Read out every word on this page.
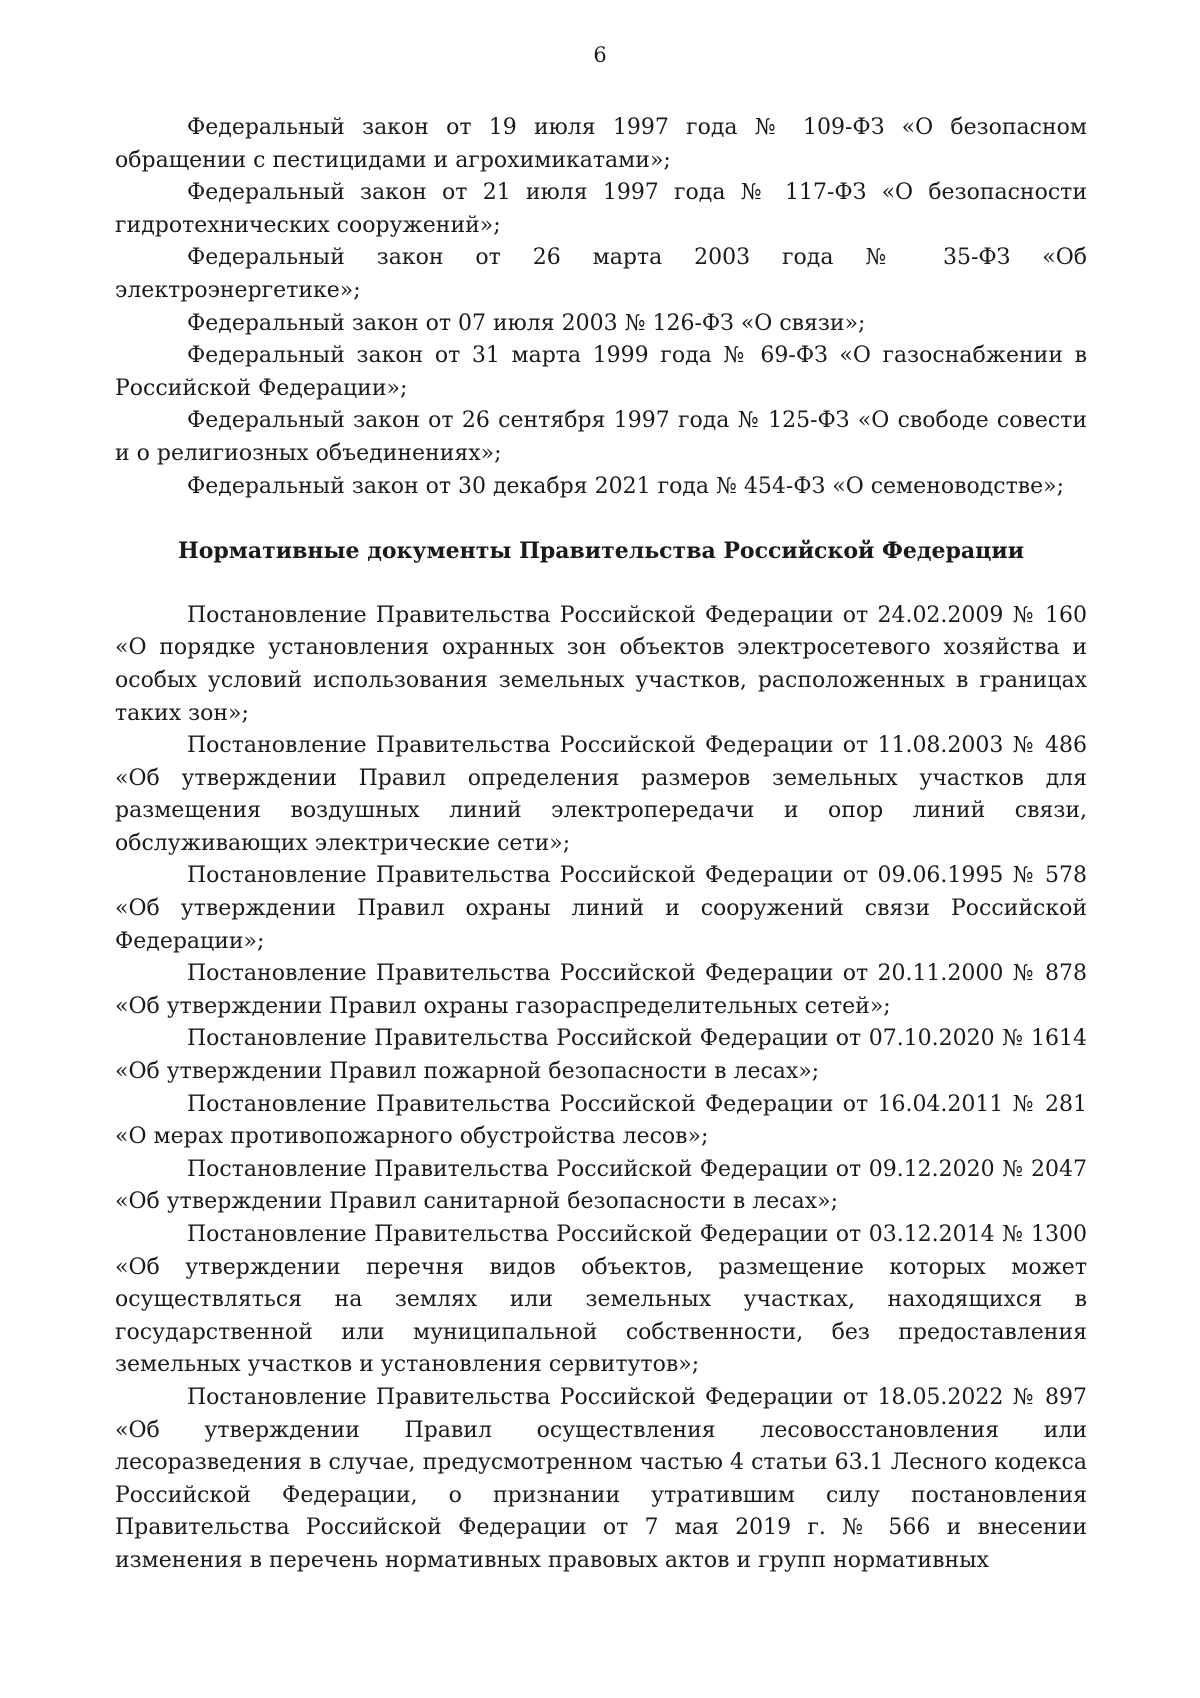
6

Федеральный закон от 19 июля 1997 года № 109-ФЗ «О безопасном обращении с пестицидами и агрохимикатами»;

Федеральный закон от 21 июля 1997 года № 117-ФЗ «О безопасности гидротехнических сооружений»;

Федеральный закон от 26 марта 2003 года № 35-ФЗ «Об электроэнергетике»;

Федеральный закон от 07 июля 2003 № 126-ФЗ «О связи»;

Федеральный закон от 31 марта 1999 года № 69-ФЗ «О газоснабжении в Российской Федерации»;

Федеральный закон от 26 сентября 1997 года № 125-ФЗ «О свободе совести и о религиозных объединениях»;

Федеральный закон от 30 декабря 2021 года № 454-ФЗ «О семеноводстве»;

Нормативные документы Правительства Российской Федерации

Постановление Правительства Российской Федерации от 24.02.2009 № 160 «О порядке установления охранных зон объектов электросетевого хозяйства и особых условий использования земельных участков, расположенных в границах таких зон»;

Постановление Правительства Российской Федерации от 11.08.2003 № 486 «Об утверждении Правил определения размеров земельных участков для размещения воздушных линий электропередачи и опор линий связи, обслуживающих электрические сети»;

Постановление Правительства Российской Федерации от 09.06.1995 № 578 «Об утверждении Правил охраны линий и сооружений связи Российской Федерации»;

Постановление Правительства Российской Федерации от 20.11.2000 № 878 «Об утверждении Правил охраны газораспределительных сетей»;

Постановление Правительства Российской Федерации от 07.10.2020 № 1614 «Об утверждении Правил пожарной безопасности в лесах»;

Постановление Правительства Российской Федерации от 16.04.2011 № 281 «О мерах противопожарного обустройства лесов»;

Постановление Правительства Российской Федерации от 09.12.2020 № 2047 «Об утверждении Правил санитарной безопасности в лесах»;

Постановление Правительства Российской Федерации от 03.12.2014 № 1300 «Об утверждении перечня видов объектов, размещение которых может осуществляться на землях или земельных участках, находящихся в государственной или муниципальной собственности, без предоставления земельных участков и установления сервитутов»;

Постановление Правительства Российской Федерации от 18.05.2022 № 897 «Об утверждении Правил осуществления лесовосстановления или лесоразведения в случае, предусмотренном частью 4 статьи 63.1 Лесного кодекса Российской Федерации, о признании утратившим силу постановления Правительства Российской Федерации от 7 мая 2019 г. № 566 и внесении изменения в перечень нормативных правовых актов и групп нормативных
